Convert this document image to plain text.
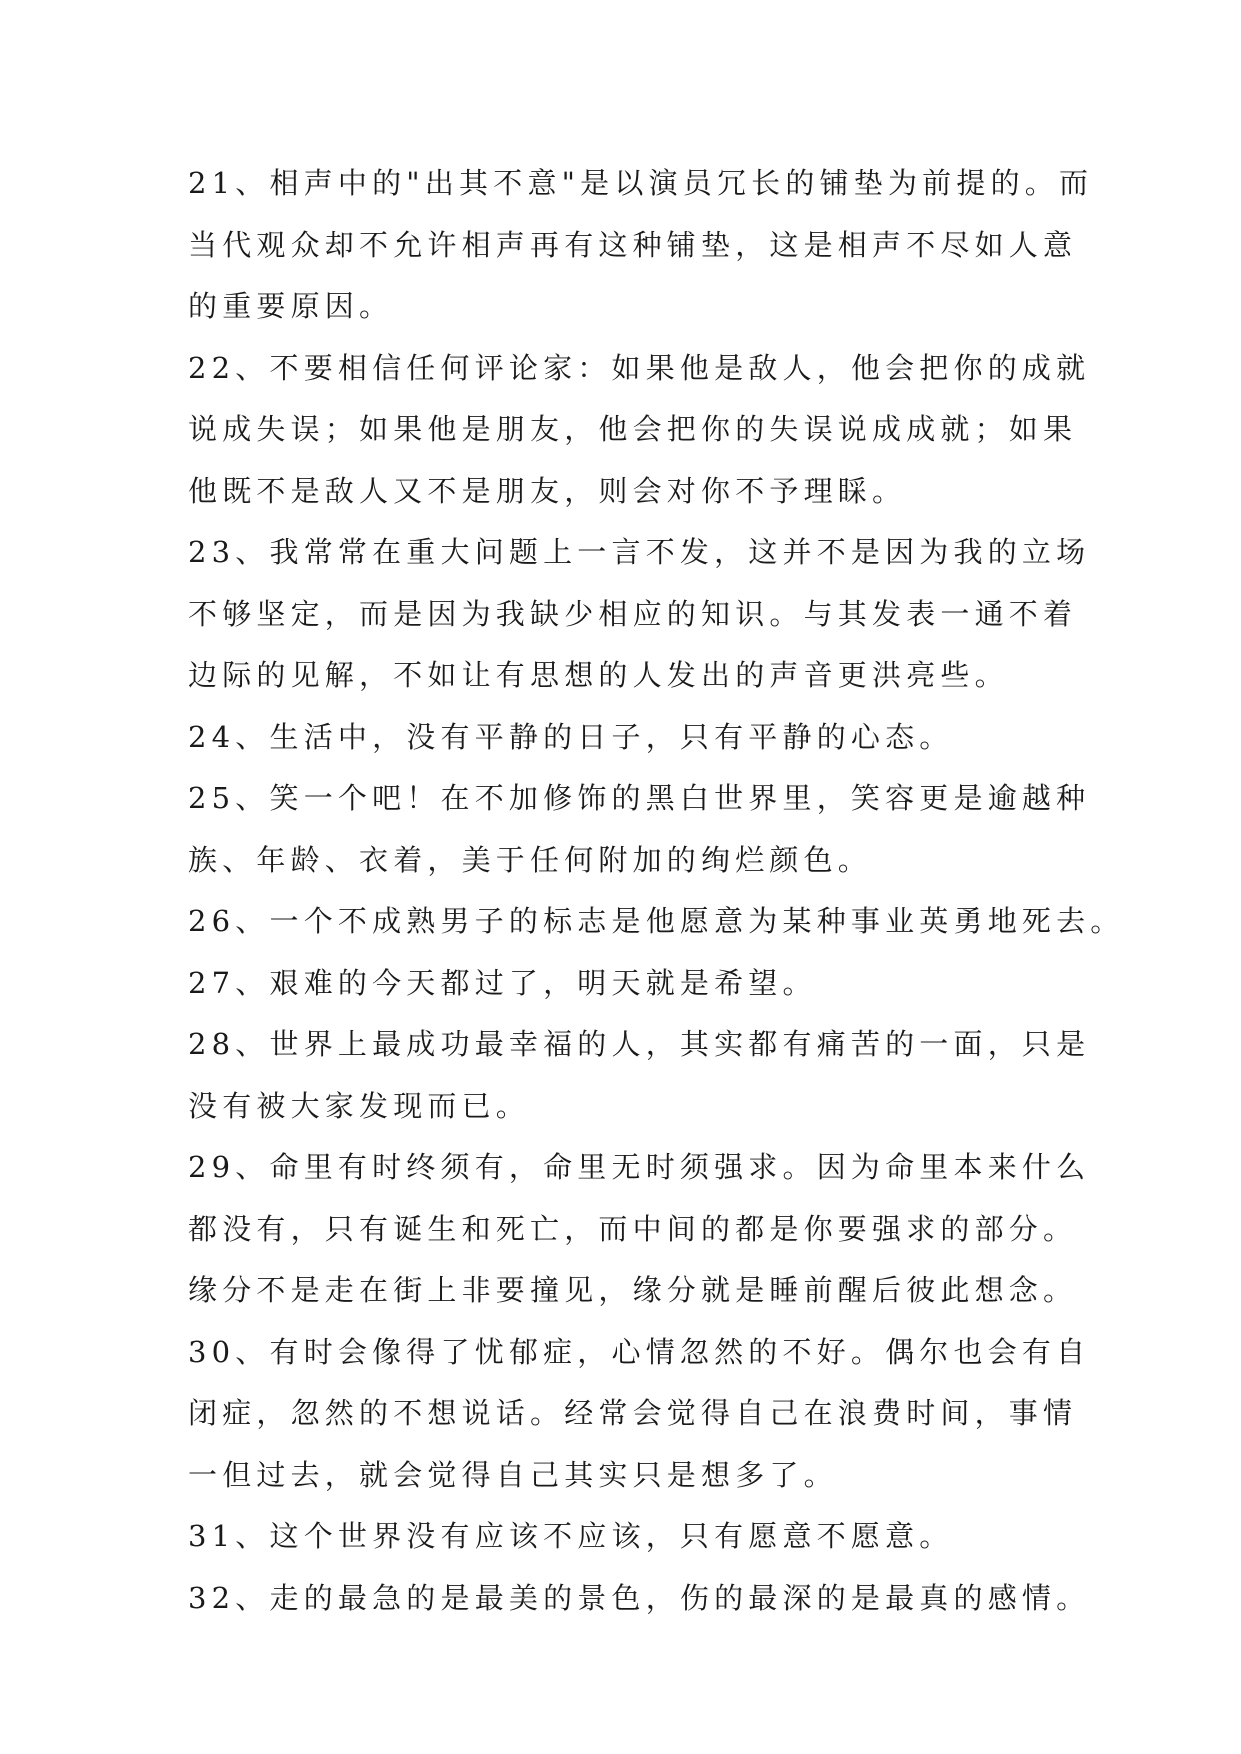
21、相声中的"出其不意"是以演员冗长的铺垫为前提的。而
当代观众却不允许相声再有这种铺垫，这是相声不尽如人意
的重要原因。
22、不要相信任何评论家：如果他是敌人，他会把你的成就
说成失误；如果他是朋友，他会把你的失误说成成就；如果
他既不是敌人又不是朋友，则会对你不予理睬。
23、我常常在重大问题上一言不发，这并不是因为我的立场
不够坚定，而是因为我缺少相应的知识。与其发表一通不着
边际的见解，不如让有思想的人发出的声音更洪亮些。
24、生活中，没有平静的日子，只有平静的心态。
25、笑一个吧！在不加修饰的黑白世界里，笑容更是逾越种
族、年龄、衣着，美于任何附加的绚烂颜色。
26、一个不成熟男子的标志是他愿意为某种事业英勇地死去。
27、艰难的今天都过了，明天就是希望。
28、世界上最成功最幸福的人，其实都有痛苦的一面，只是
没有被大家发现而已。
29、命里有时终须有，命里无时须强求。因为命里本来什么
都没有，只有诞生和死亡，而中间的都是你要强求的部分。
缘分不是走在街上非要撞见，缘分就是睡前醒后彼此想念。
30、有时会像得了忧郁症，心情忽然的不好。偶尔也会有自
闭症，忽然的不想说话。经常会觉得自己在浪费时间，事情
一但过去，就会觉得自己其实只是想多了。
31、这个世界没有应该不应该，只有愿意不愿意。
32、走的最急的是最美的景色，伤的最深的是最真的感情。
